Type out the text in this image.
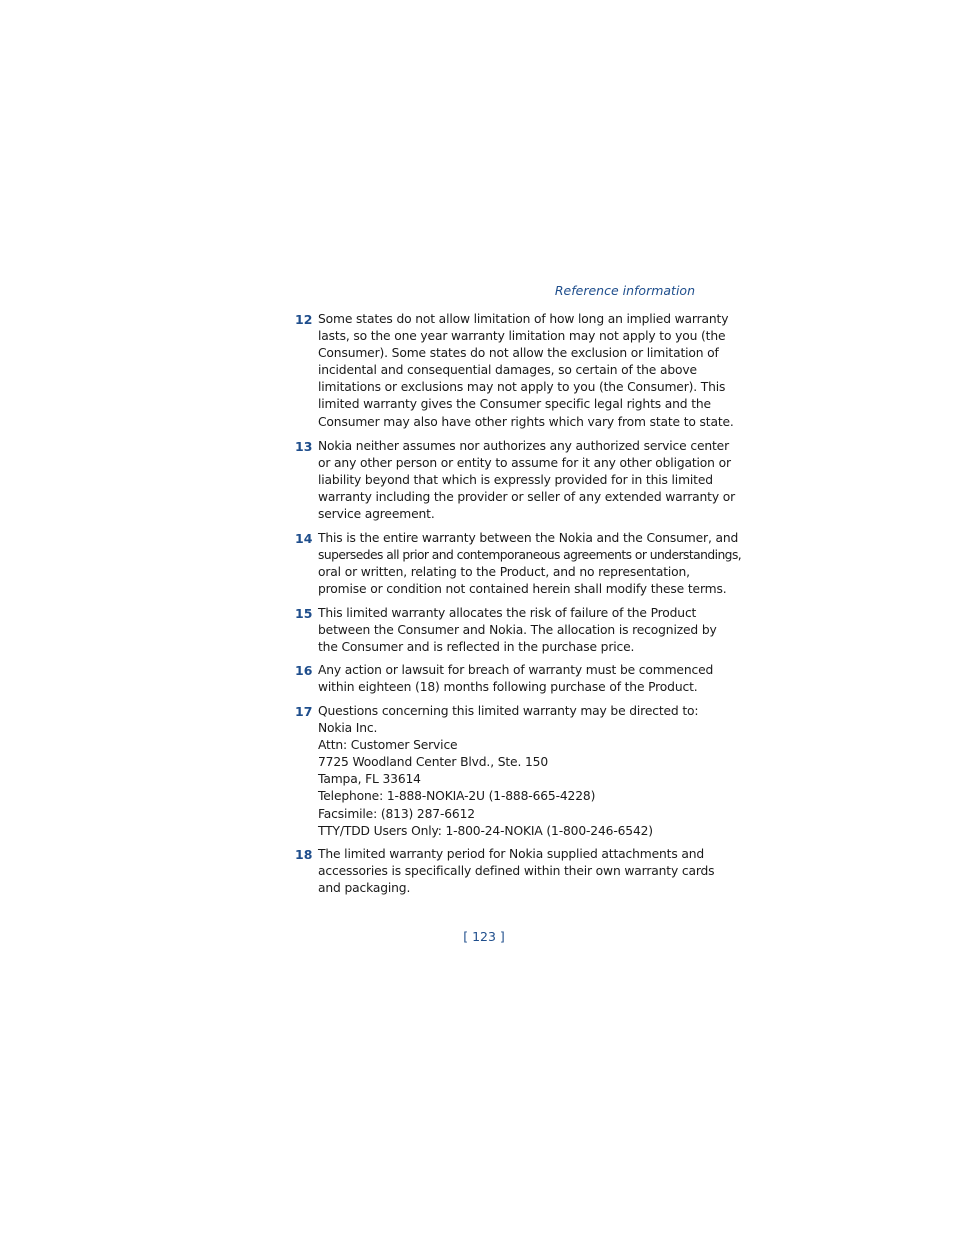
Reference information
12 Some states do not allow limitation of how long an implied warranty
lasts, so the one year warranty limitation may not apply to you (the
Consumer). Some states do not allow the exclusion or limitation of
incidental and consequential damages, so certain of the above
limitations or exclusions may not apply to you (the Consumer). This
limited warranty gives the Consumer specific legal rights and the
Consumer may also have other rights which vary from state to state.
13 Nokia neither assumes nor authorizes any authorized service center
or any other person or entity to assume for it any other obligation or
liability beyond that which is expressly provided for in this limited
warranty including the provider or seller of any extended warranty or
service agreement.
14 This is the entire warranty between the Nokia and the Consumer, and
supersedes all prior and contemporaneous agreements or understandings,
oral or written, relating to the Product, and no representation,
promise or condition not contained herein shall modify these terms.
15 This limited warranty allocates the risk of failure of the Product
between the Consumer and Nokia. The allocation is recognized by
the Consumer and is reflected in the purchase price.
16 Any action or lawsuit for breach of warranty must be commenced
within eighteen (18) months following purchase of the Product.
17 Questions concerning this limited warranty may be directed to:
Nokia Inc.
Attn: Customer Service
7725 Woodland Center Blvd., Ste. 150
Tampa, FL 33614
Telephone: 1-888-NOKIA-2U (1-888-665-4228)
Facsimile: (813) 287-6612
TTY/TDD Users Only: 1-800-24-NOKIA (1-800-246-6542)
18 The limited warranty period for Nokia supplied attachments and
accessories is specifically defined within their own warranty cards
and packaging.
[ 123 ]
